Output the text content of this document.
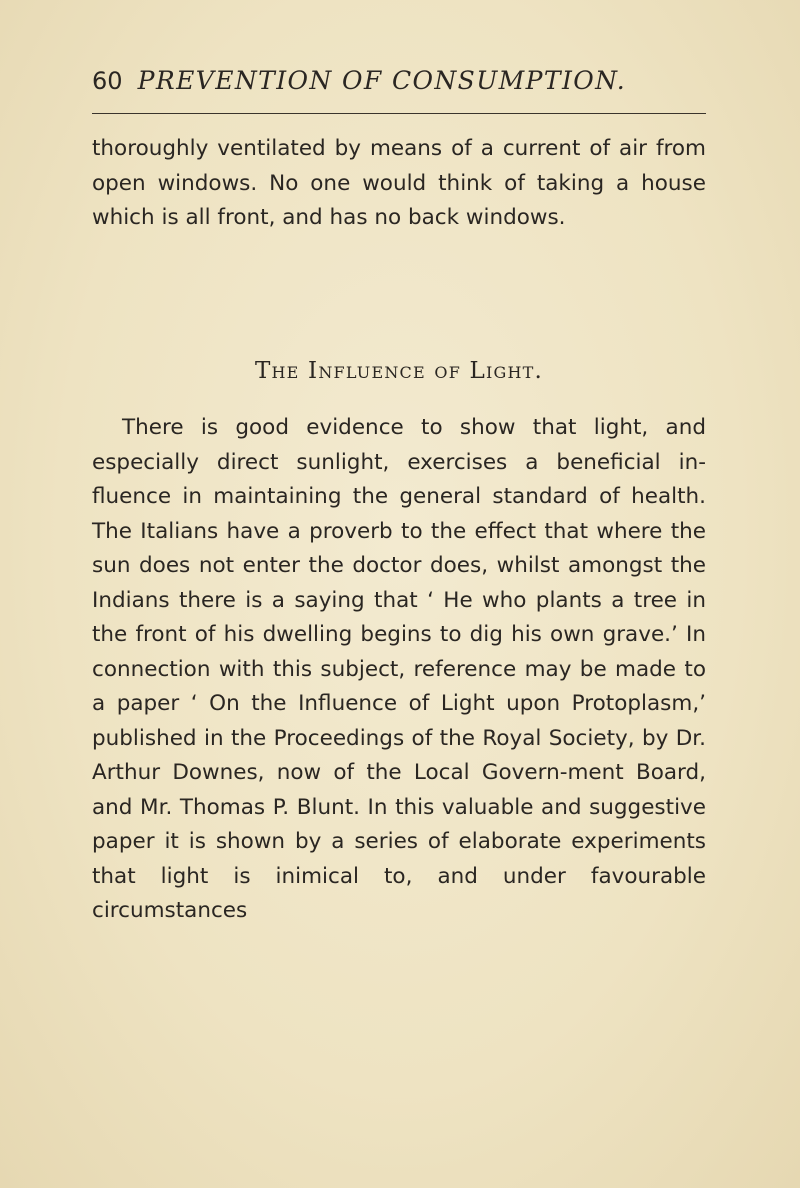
60 PREVENTION OF CONSUMPTION.

thoroughly ventilated by means of a current of air from open windows. No one would think of taking a house which is all front, and has no back windows.

The Influence of Light.

There is good evidence to show that light, and especially direct sunlight, exercises a beneficial in-fluence in maintaining the general standard of health. The Italians have a proverb to the effect that where the sun does not enter the doctor does, whilst amongst the Indians there is a saying that ‘ He who plants a tree in the front of his dwelling begins to dig his own grave.’ In connection with this subject, reference may be made to a paper ‘ On the Influence of Light upon Protoplasm,’ published in the Proceedings of the Royal Society, by Dr. Arthur Downes, now of the Local Govern-ment Board, and Mr. Thomas P. Blunt. In this valuable and suggestive paper it is shown by a series of elaborate experiments that light is inimical to, and under favourable circumstances
